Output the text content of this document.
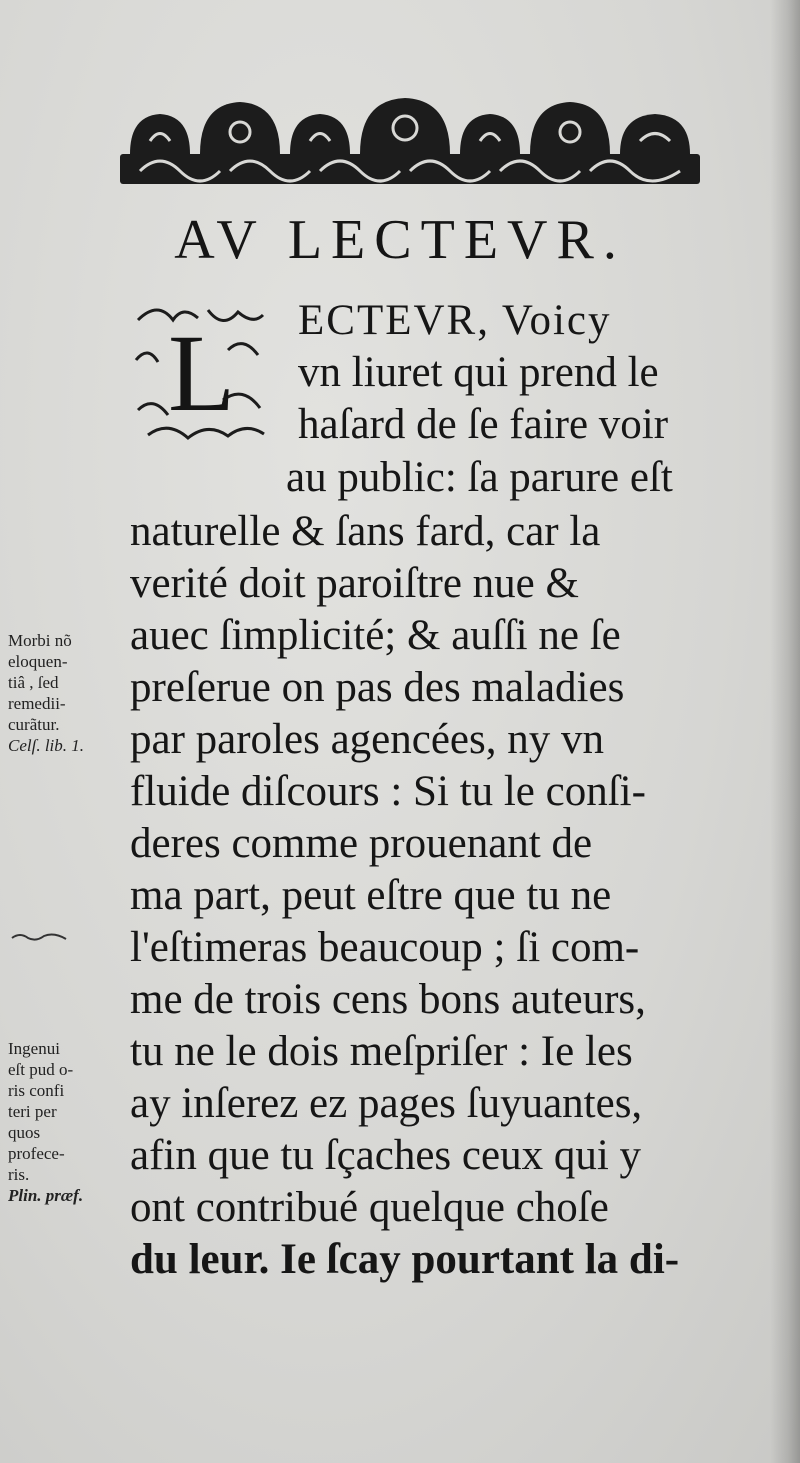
AV LECTEVR.
L ECTEVR, Voicy
vn liuret qui prend le
haſard de ſe faire voir
au public: ſa parure eſt
naturelle & ſans fard, car la
verité doit paroiſtre nue &
auec ſimplicité; & auſſi ne ſe
preſerue on pas des maladies
par paroles agencées, ny vn
fluide diſcours : Si tu le conſi-
deres comme prouenant de
ma part, peut eſtre que tu ne
l'eſtimeras beaucoup ; ſi com-
me de trois cens bons auteurs,
tu ne le dois meſpriſer : Ie les
ay inſerez ez pages ſuyuantes,
afin que tu ſçaches ceux qui y
ont contribué quelque choſe
du leur. Ie ſcay pourtant la di-
Morbi nõ
eloquen-
tiâ , ſed
remedii-
curãtur.
Celſ. lib. 1.
Ingenui
eſt pud o-
ris confi
teri per
quos
profece-
ris.
Plin. præf.
